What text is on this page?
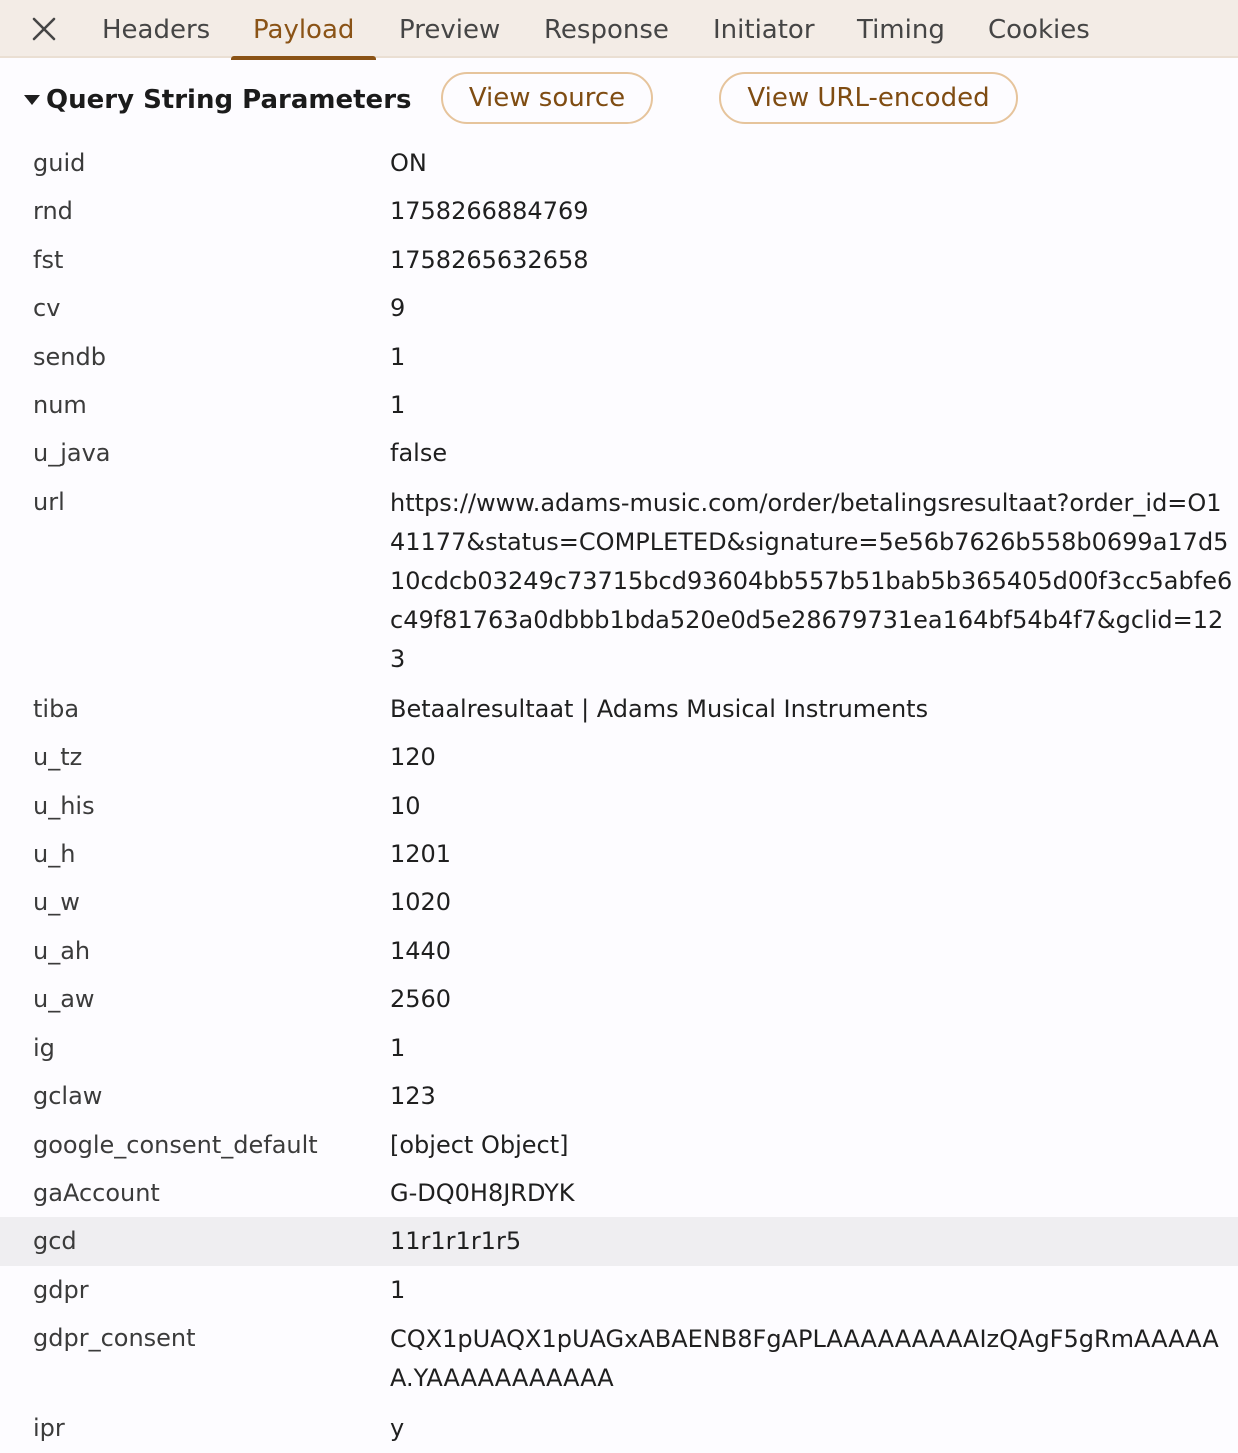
Headers Payload Preview Response Initiator Timing Cookies
Query String Parameters	View source	View URL-encoded
guid	ON
rnd	1758266884769
fst	1758265632658
cv	9
sendb	1
num	1
u_java	false
url	https://www.adams-music.com/order/betalingsresultaat?order_id=O141177&status=COMPLETED&signature=5e56b7626b558b0699a17d510cdcb03249c73715bcd93604bb557b51bab5b365405d00f3cc5abfe6c49f81763a0dbbb1bda520e0d5e28679731ea164bf54b4f7&gclid=123
tiba	Betaalresultaat | Adams Musical Instruments
u_tz	120
u_his	10
u_h	1201
u_w	1020
u_ah	1440
u_aw	2560
ig	1
gclaw	123
google_consent_default	[object Object]
gaAccount	G-DQ0H8JRDYK
gcd	11r1r1r1r5
gdpr	1
gdpr_consent	CQX1pUAQX1pUAGxABAENB8FgAPLAAAAAAAAAIzQAgF5gRmAAAAAA.YAAAAAAAAAAA
ipr	y
